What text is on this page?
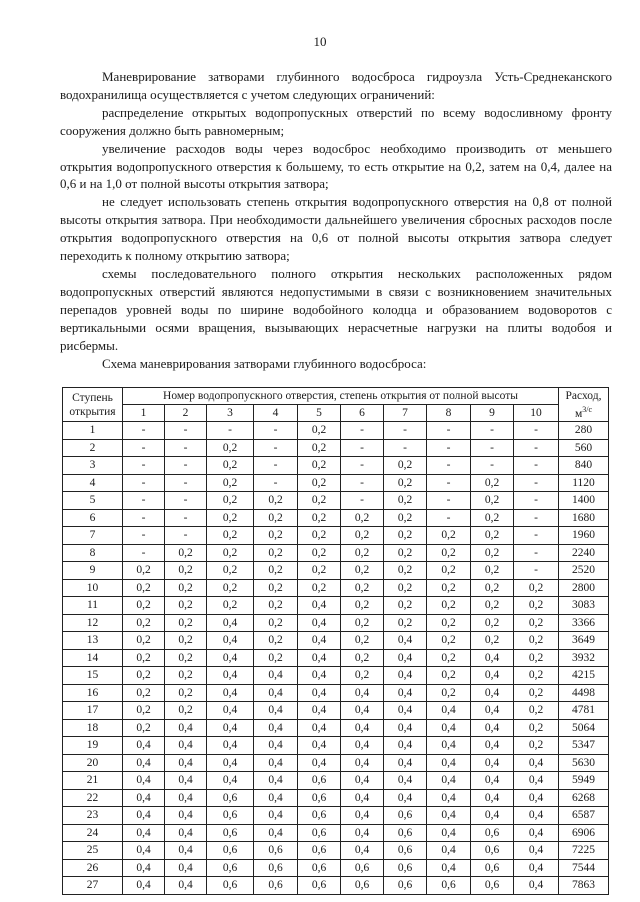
10

Маневрирование затворами глубинного водосброса гидроузла Усть-Среднеканского водохранилища осуществляется с учетом следующих ограничений:

распределение открытых водопропускных отверстий по всему водосливному фронту сооружения должно быть равномерным;

увеличение расходов воды через водосброс необходимо производить от меньшего открытия водопропускного отверстия к большему, то есть открытие на 0,2, затем на 0,4, далее на 0,6 и на 1,0 от полной высоты открытия затвора;

не следует использовать степень открытия водопропускного отверстия на 0,8 от полной высоты открытия затвора. При необходимости дальнейшего увеличения сбросных расходов после открытия водопропускного отверстия на 0,6 от полной высоты открытия затвора следует переходить к полному открытию затвора;

схемы последовательного полного открытия нескольких расположенных рядом водопропускных отверстий являются недопустимыми в связи с возникновением значительных перепадов уровней воды по ширине водобойного колодца и образованием водоворотов с вертикальными осями вращения, вызывающих нерасчетные нагрузки на плиты водобоя и рисбермы.

Схема маневрирования затворами глубинного водосброса:

Ступень открытия	Номер водопропускного отверстия, степень открытия от полной высоты										Расход, $м^{3/с}$
	1	2	3	4	5	6	7	8	9	10	
1	-	-	-	-	0,2	-	-	-	-	-	280
2	-	-	0,2	-	0,2	-	-	-	-	-	560
3	-	-	0,2	-	0,2	-	0,2	-	-	-	840
4	-	-	0,2	-	0,2	-	0,2	-	0,2	-	1120
5	-	-	0,2	0,2	0,2	-	0,2	-	0,2	-	1400
6	-	-	0,2	0,2	0,2	0,2	0,2	-	0,2	-	1680
7	-	-	0,2	0,2	0,2	0,2	0,2	0,2	0,2	-	1960
8	-	0,2	0,2	0,2	0,2	0,2	0,2	0,2	0,2	-	2240
9	0,2	0,2	0,2	0,2	0,2	0,2	0,2	0,2	0,2	-	2520
10	0,2	0,2	0,2	0,2	0,2	0,2	0,2	0,2	0,2	0,2	2800
11	0,2	0,2	0,2	0,2	0,4	0,2	0,2	0,2	0,2	0,2	3083
12	0,2	0,2	0,4	0,2	0,4	0,2	0,2	0,2	0,2	0,2	3366
13	0,2	0,2	0,4	0,2	0,4	0,2	0,4	0,2	0,2	0,2	3649
14	0,2	0,2	0,4	0,2	0,4	0,2	0,4	0,2	0,4	0,2	3932
15	0,2	0,2	0,4	0,4	0,4	0,2	0,4	0,2	0,4	0,2	4215
16	0,2	0,2	0,4	0,4	0,4	0,4	0,4	0,2	0,4	0,2	4498
17	0,2	0,2	0,4	0,4	0,4	0,4	0,4	0,4	0,4	0,2	4781
18	0,2	0,4	0,4	0,4	0,4	0,4	0,4	0,4	0,4	0,2	5064
19	0,4	0,4	0,4	0,4	0,4	0,4	0,4	0,4	0,4	0,2	5347
20	0,4	0,4	0,4	0,4	0,4	0,4	0,4	0,4	0,4	0,4	5630
21	0,4	0,4	0,4	0,4	0,6	0,4	0,4	0,4	0,4	0,4	5949
22	0,4	0,4	0,6	0,4	0,6	0,4	0,4	0,4	0,4	0,4	6268
23	0,4	0,4	0,6	0,4	0,6	0,4	0,6	0,4	0,4	0,4	6587
24	0,4	0,4	0,6	0,4	0,6	0,4	0,6	0,4	0,6	0,4	6906
25	0,4	0,4	0,6	0,6	0,6	0,4	0,6	0,4	0,6	0,4	7225
26	0,4	0,4	0,6	0,6	0,6	0,6	0,6	0,4	0,6	0,4	7544
27	0,4	0,4	0,6	0,6	0,6	0,6	0,6	0,6	0,6	0,4	7863
